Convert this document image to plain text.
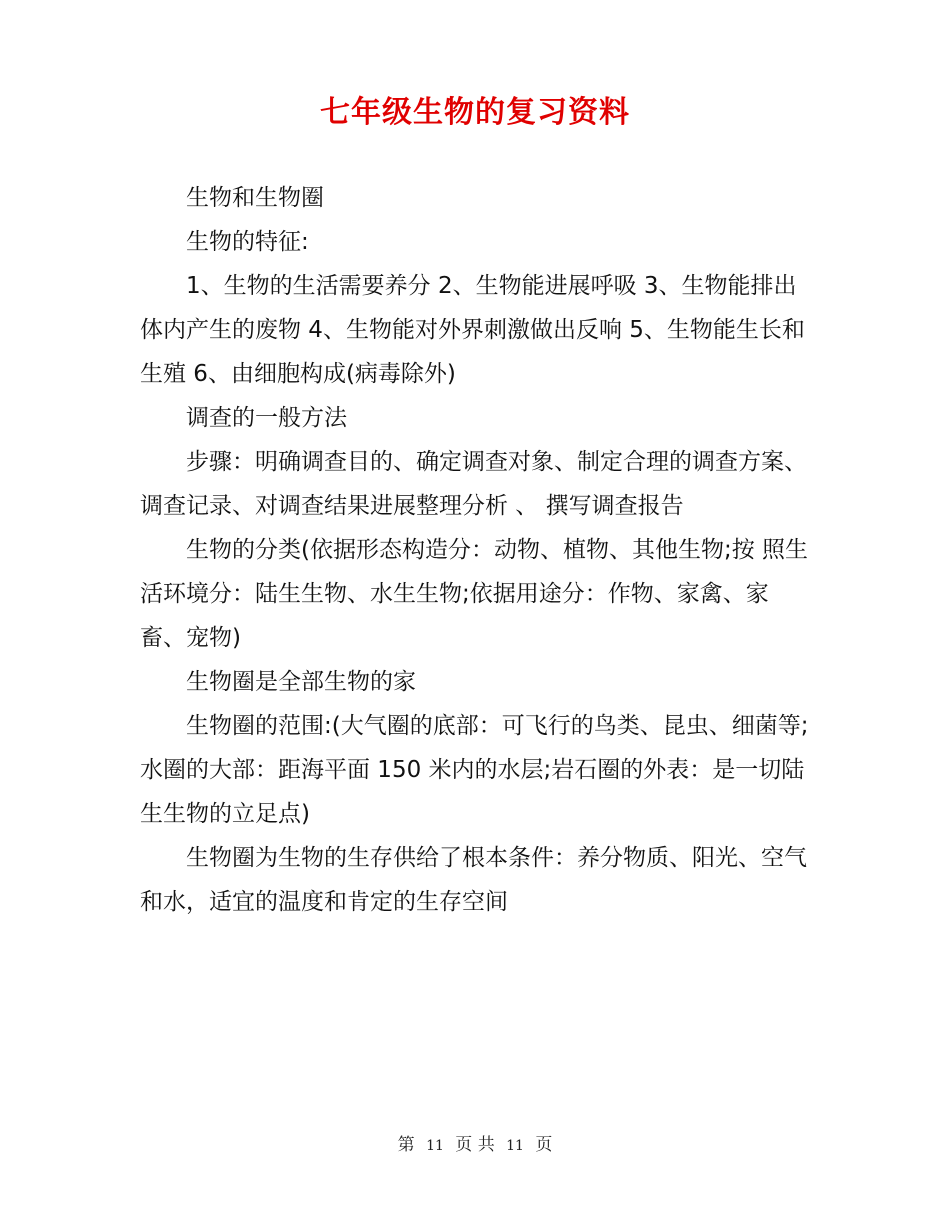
七年级生物的复习资料

生物和生物圈

生物的特征:

1、生物的生活需要养分 2、生物能进展呼吸 3、生物能排出体内产生的废物 4、生物能对外界刺激做出反响 5、生物能生长和生殖 6、由细胞构成(病毒除外)

调查的一般方法

步骤：明确调查目的、确定调查对象、制定合理的调查方案、调查记录、对调查结果进展整理分析 、 撰写调查报告

生物的分类(依据形态构造分：动物、植物、其他生物;按 照生活环境分：陆生生物、水生生物;依据用途分：作物、家禽、家畜、宠物)

生物圈是全部生物的家

生物圈的范围:(大气圈的底部：可飞行的鸟类、昆虫、细菌等;水圈的大部：距海平面 150 米内的水层;岩石圈的外表：是一切陆生生物的立足点)

生物圈为生物的生存供给了根本条件：养分物质、阳光、空气和水，适宜的温度和肯定的生存空间

第 11 页 共 11 页
